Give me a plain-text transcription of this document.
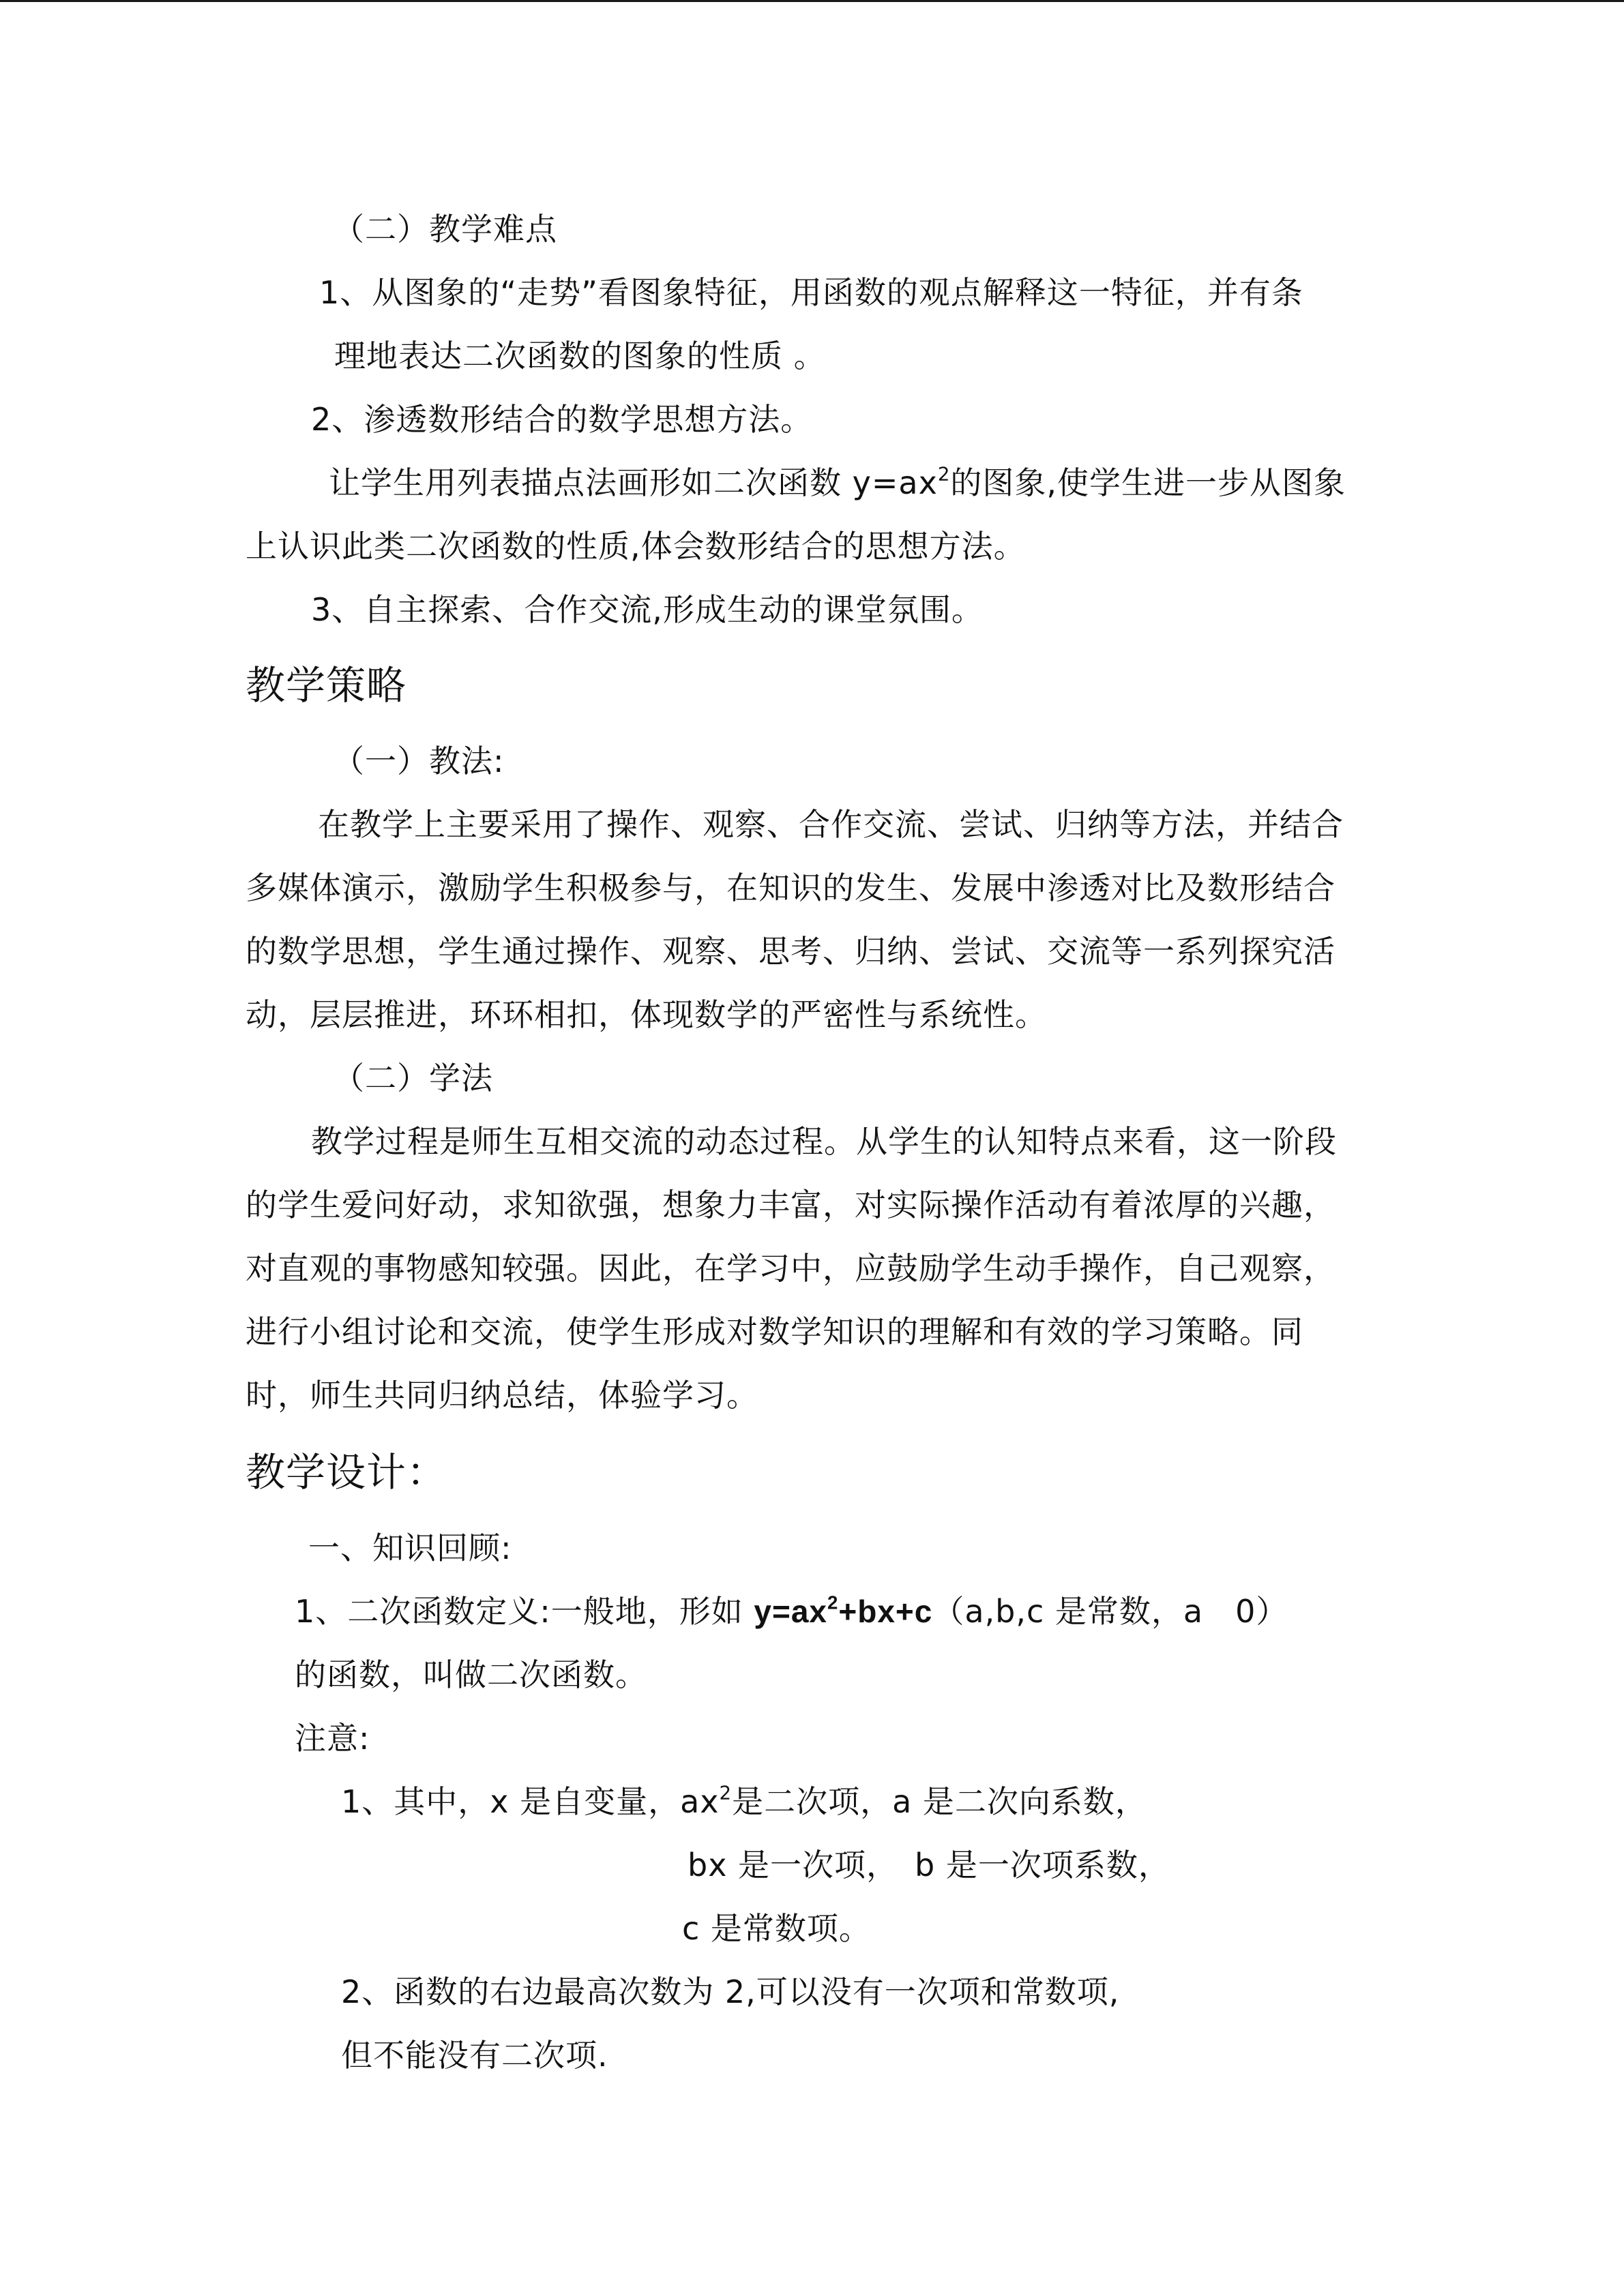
（二）教学难点
1、从图象的“走势”看图象特征，用函数的观点解释这一特征，并有条
理地表达二次函数的图象的性质 。
2、渗透数形结合的数学思想方法。
让学生用列表描点法画形如二次函数 $y=ax^2$的图象,使学生进一步从图象
上认识此类二次函数的性质,体会数形结合的思想方法。
3、自主探索、合作交流,形成生动的课堂氛围。
教学策略
（一）教法:
在教学上主要采用了操作、观察、合作交流、尝试、归纳等方法，并结合
多媒体演示，激励学生积极参与，在知识的发生、发展中渗透对比及数形结合
的数学思想，学生通过操作、观察、思考、归纳、尝试、交流等一系列探究活
动，层层推进，环环相扣，体现数学的严密性与系统性。
（二）学法
教学过程是师生互相交流的动态过程。从学生的认知特点来看，这一阶段
的学生爱问好动，求知欲强，想象力丰富，对实际操作活动有着浓厚的兴趣，
对直观的事物感知较强。因此，在学习中，应鼓励学生动手操作，自己观察，
进行小组讨论和交流，使学生形成对数学知识的理解和有效的学习策略。同
时，师生共同归纳总结，体验学习。
教学设计：
一、知识回顾:
1、二次函数定义:一般地，形如 $y=ax^2+bx+c(a,b,c$ 是常数，a　0）
的函数，叫做二次函数。
注意:
1、其中，x 是自变量，$ax^2$是二次项，a 是二次向系数，
bx 是一次项，　b 是一次项系数，
c 是常数项。
2、函数的右边最高次数为 2,可以没有一次项和常数项,
但不能没有二次项.
